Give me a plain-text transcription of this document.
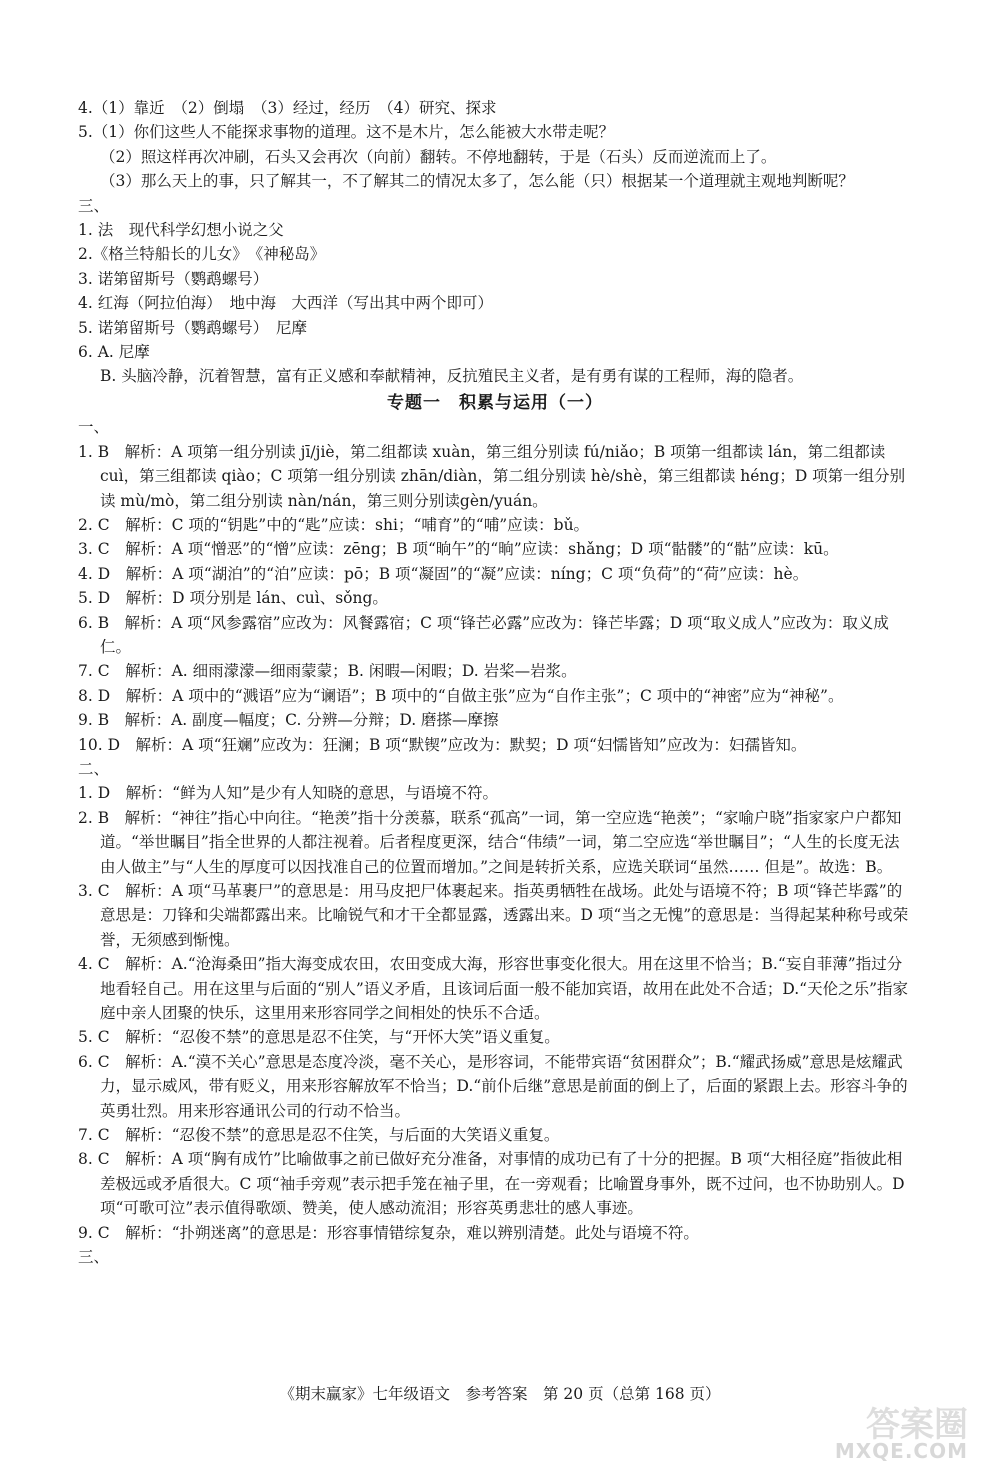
4.（1）靠近　（2）倒塌　（3）经过，经历　（4）研究、探求
5.（1）你们这些人不能探求事物的道理。这不是木片，怎么能被大水带走呢？
（2）照这样再次冲刷，石头又会再次（向前）翻转。不停地翻转，于是（石头）反而逆流而上了。
（3）那么天上的事，只了解其一，不了解其二的情况太多了，怎么能（只）根据某一个道理就主观地判断呢？
三、
1. 法　现代科学幻想小说之父
2.《格兰特船长的儿女》　《神秘岛》
3. 诺第留斯号（鹦鹉螺号）
4. 红海（阿拉伯海）　地中海　大西洋（写出其中两个即可）
5. 诺第留斯号（鹦鹉螺号）　尼摩
6. A. 尼摩
B. 头脑冷静，沉着智慧，富有正义感和奉献精神，反抗殖民主义者，是有勇有谋的工程师，海的隐者。
专题一　积累与运用（一）
一、
1. B　解析：A 项第一组分别读 jī/jiè，第二组都读 xuàn，第三组分别读 fú/niǎo；B 项第一组都读 lán，第二组都读 cuì，第三组都读 qiào；C 项第一组分别读 zhān/diàn，第二组分别读 hè/shè，第三组都读 héng；D 项第一组分别读 mù/mò，第二组分别读 nàn/nán，第三则分别读gèn/yuán。
2. C　解析：C 项的“钥匙”中的“匙”应读：shi；“哺育”的“哺”应读：bǔ。
3. C　解析：A 项“憎恶”的“憎”应读：zēng；B 项“晌午”的“晌”应读：shǎng；D 项“骷髅”的“骷”应读：kū。
4. D　解析：A 项“湖泊”的“泊”应读：pō；B 项“凝固”的“凝”应读：níng；C 项“负荷”的“荷”应读：hè。
5. D　解析：D 项分别是 lán、cuì、sǒng。
6. B　解析：A 项“风参露宿”应改为：风餐露宿；C 项“锋芒必露”应改为：锋芒毕露；D 项“取义成人”应改为：取义成仁。
7. C　解析：A. 细雨濛濛—细雨蒙蒙；B. 闲暇—闲暇；D. 岩桨—岩浆。
8. D　解析：A 项中的“溅语”应为“谰语”；B 项中的“自做主张”应为“自作主张”；C 项中的“神密”应为“神秘”。
9. B　解析：A. 副度—幅度；C. 分辨—分辩；D. 磨搽—摩擦
10. D　解析：A 项“狂斓”应改为：狂澜；B 项“默锲”应改为：默契；D 项“妇懦皆知”应改为：妇孺皆知。
二、
1. D　解析：“鲜为人知”是少有人知晓的意思，与语境不符。
2. B　解析：“神往”指心中向往。“艳羡”指十分羡慕，联系“孤高”一词，第一空应选“艳羡”；“家喻户晓”指家家户户都知道。“举世瞩目”指全世界的人都注视着。后者程度更深，结合“伟绩”一词，第二空应选“举世瞩目”；“人生的长度无法由人做主”与“人生的厚度可以因找准自己的位置而增加。”之间是转折关系，应选关联词“虽然…… 但是”。故选：B。
3. C　解析：A 项“马革裹尸”的意思是：用马皮把尸体裹起来。指英勇牺牲在战场。此处与语境不符；B 项“锋芒毕露”的意思是：刀锋和尖端都露出来。比喻锐气和才干全都显露，透露出来。D 项“当之无愧”的意思是：当得起某种称号或荣誉，无须感到惭愧。
4. C　解析：A.“沧海桑田”指大海变成农田，农田变成大海，形容世事变化很大。用在这里不恰当；B.“妄自菲薄”指过分地看轻自己。用在这里与后面的“别人”语义矛盾，且该词后面一般不能加宾语，故用在此处不合适；D.“天伦之乐”指家庭中亲人团聚的快乐，这里用来形容同学之间相处的快乐不合适。
5. C　解析：“忍俊不禁”的意思是忍不住笑，与“开怀大笑”语义重复。
6. C　解析：A.“漠不关心”意思是态度冷淡，毫不关心，是形容词，不能带宾语“贫困群众”；B.“耀武扬威”意思是炫耀武力，显示威风，带有贬义，用来形容解放军不恰当；D.“前仆后继”意思是前面的倒上了，后面的紧跟上去。形容斗争的英勇壮烈。用来形容通讯公司的行动不恰当。
7. C　解析：“忍俊不禁”的意思是忍不住笑，与后面的大笑语义重复。
8. C　解析：A 项“胸有成竹”比喻做事之前已做好充分准备，对事情的成功已有了十分的把握。B 项“大相径庭”指彼此相差极远或矛盾很大。C 项“袖手旁观”表示把手笼在袖子里，在一旁观看；比喻置身事外，既不过问，也不协助别人。D 项“可歌可泣”表示值得歌颂、赞美，使人感动流泪；形容英勇悲壮的感人事迹。
9. C　解析：“扑朔迷离”的意思是：形容事情错综复杂，难以辨别清楚。此处与语境不符。
三、
《期末赢家》七年级语文　参考答案　第 20 页（总第 168 页）
答案圈
MXQE.COM
